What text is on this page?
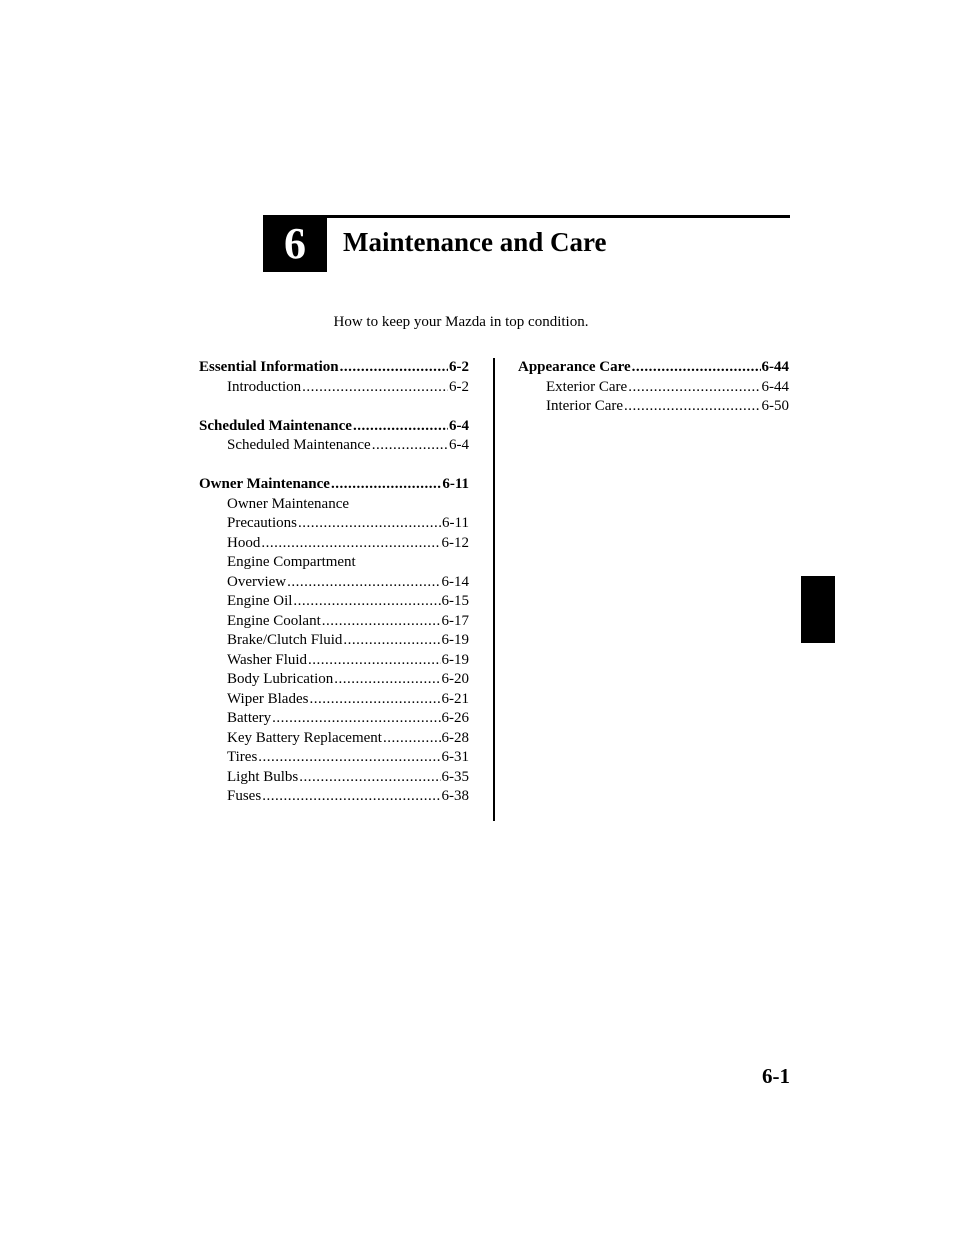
6	Maintenance and Care
How to keep your Mazda in top condition.
Essential Information .....	6-2
Introduction .....	6-2
Scheduled Maintenance .....	6-4
Scheduled Maintenance .....	6-4
Owner Maintenance .....	6-11
Owner Maintenance
Precautions .....	6-11
Hood .....	6-12
Engine Compartment
Overview .....	6-14
Engine Oil .....	6-15
Engine Coolant .....	6-17
Brake/Clutch Fluid .....	6-19
Washer Fluid .....	6-19
Body Lubrication .....	6-20
Wiper Blades .....	6-21
Battery .....	6-26
Key Battery Replacement .....	6-28
Tires .....	6-31
Light Bulbs .....	6-35
Fuses .....	6-38
Appearance Care .....	6-44
Exterior Care .....	6-44
Interior Care .....	6-50
6-1
